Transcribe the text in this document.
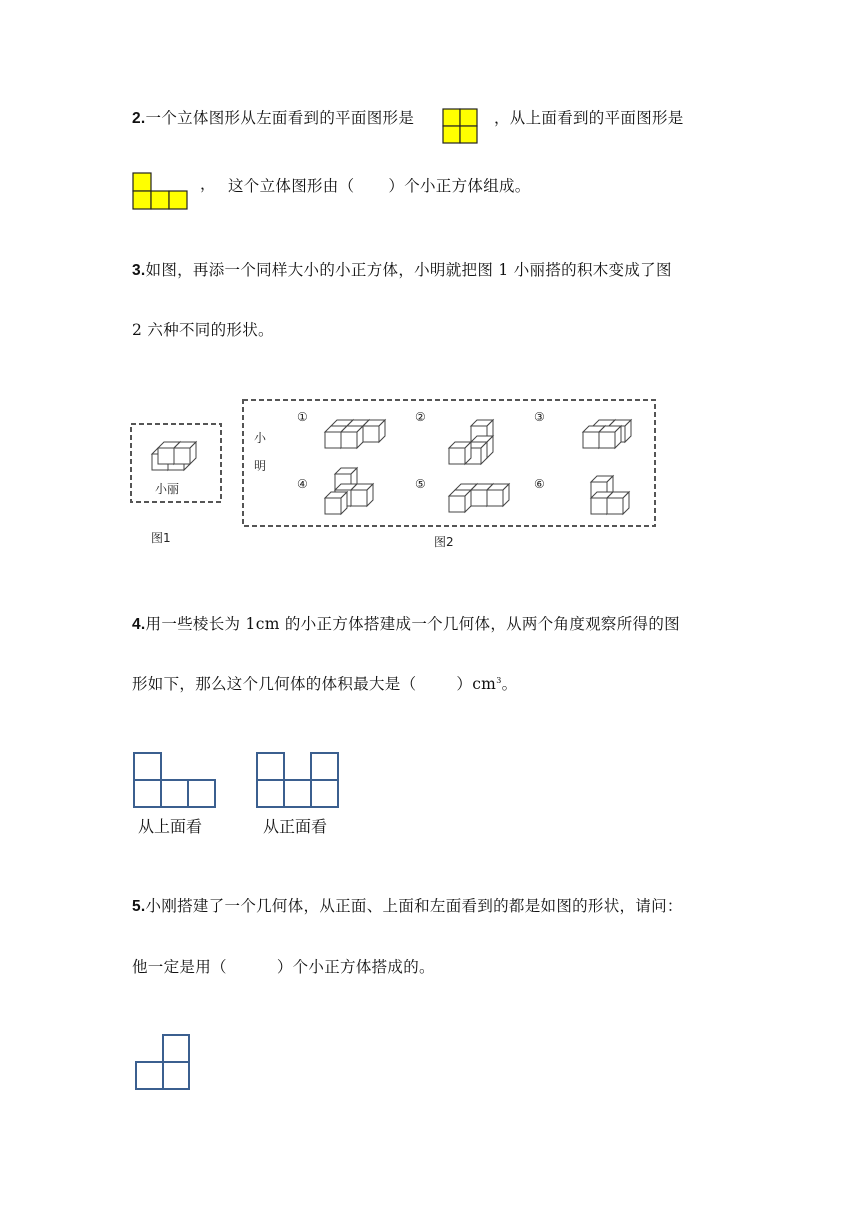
2.一个立体图形从左面看到的平面图形是	，从上面看到的平面图形是
， 这个立体图形由（ ）个小正方体组成。
3.如图，再添一个同样大小的小正方体，小明就把图 1 小丽搭的积木变成了图
2 六种不同的形状。
小丽
图1
小
明
①	②	③
④	⑤	⑥
图2
4.用一些棱长为 1cm 的小正方体搭建成一个几何体，从两个角度观察所得的图
形如下，那么这个几何体的体积最大是（	）$cm^3$。
从上面看	从正面看
5.小刚搭建了一个几何体，从正面、上面和左面看到的都是如图的形状，请问：
他一定是用（	）个小正方体搭成的。
